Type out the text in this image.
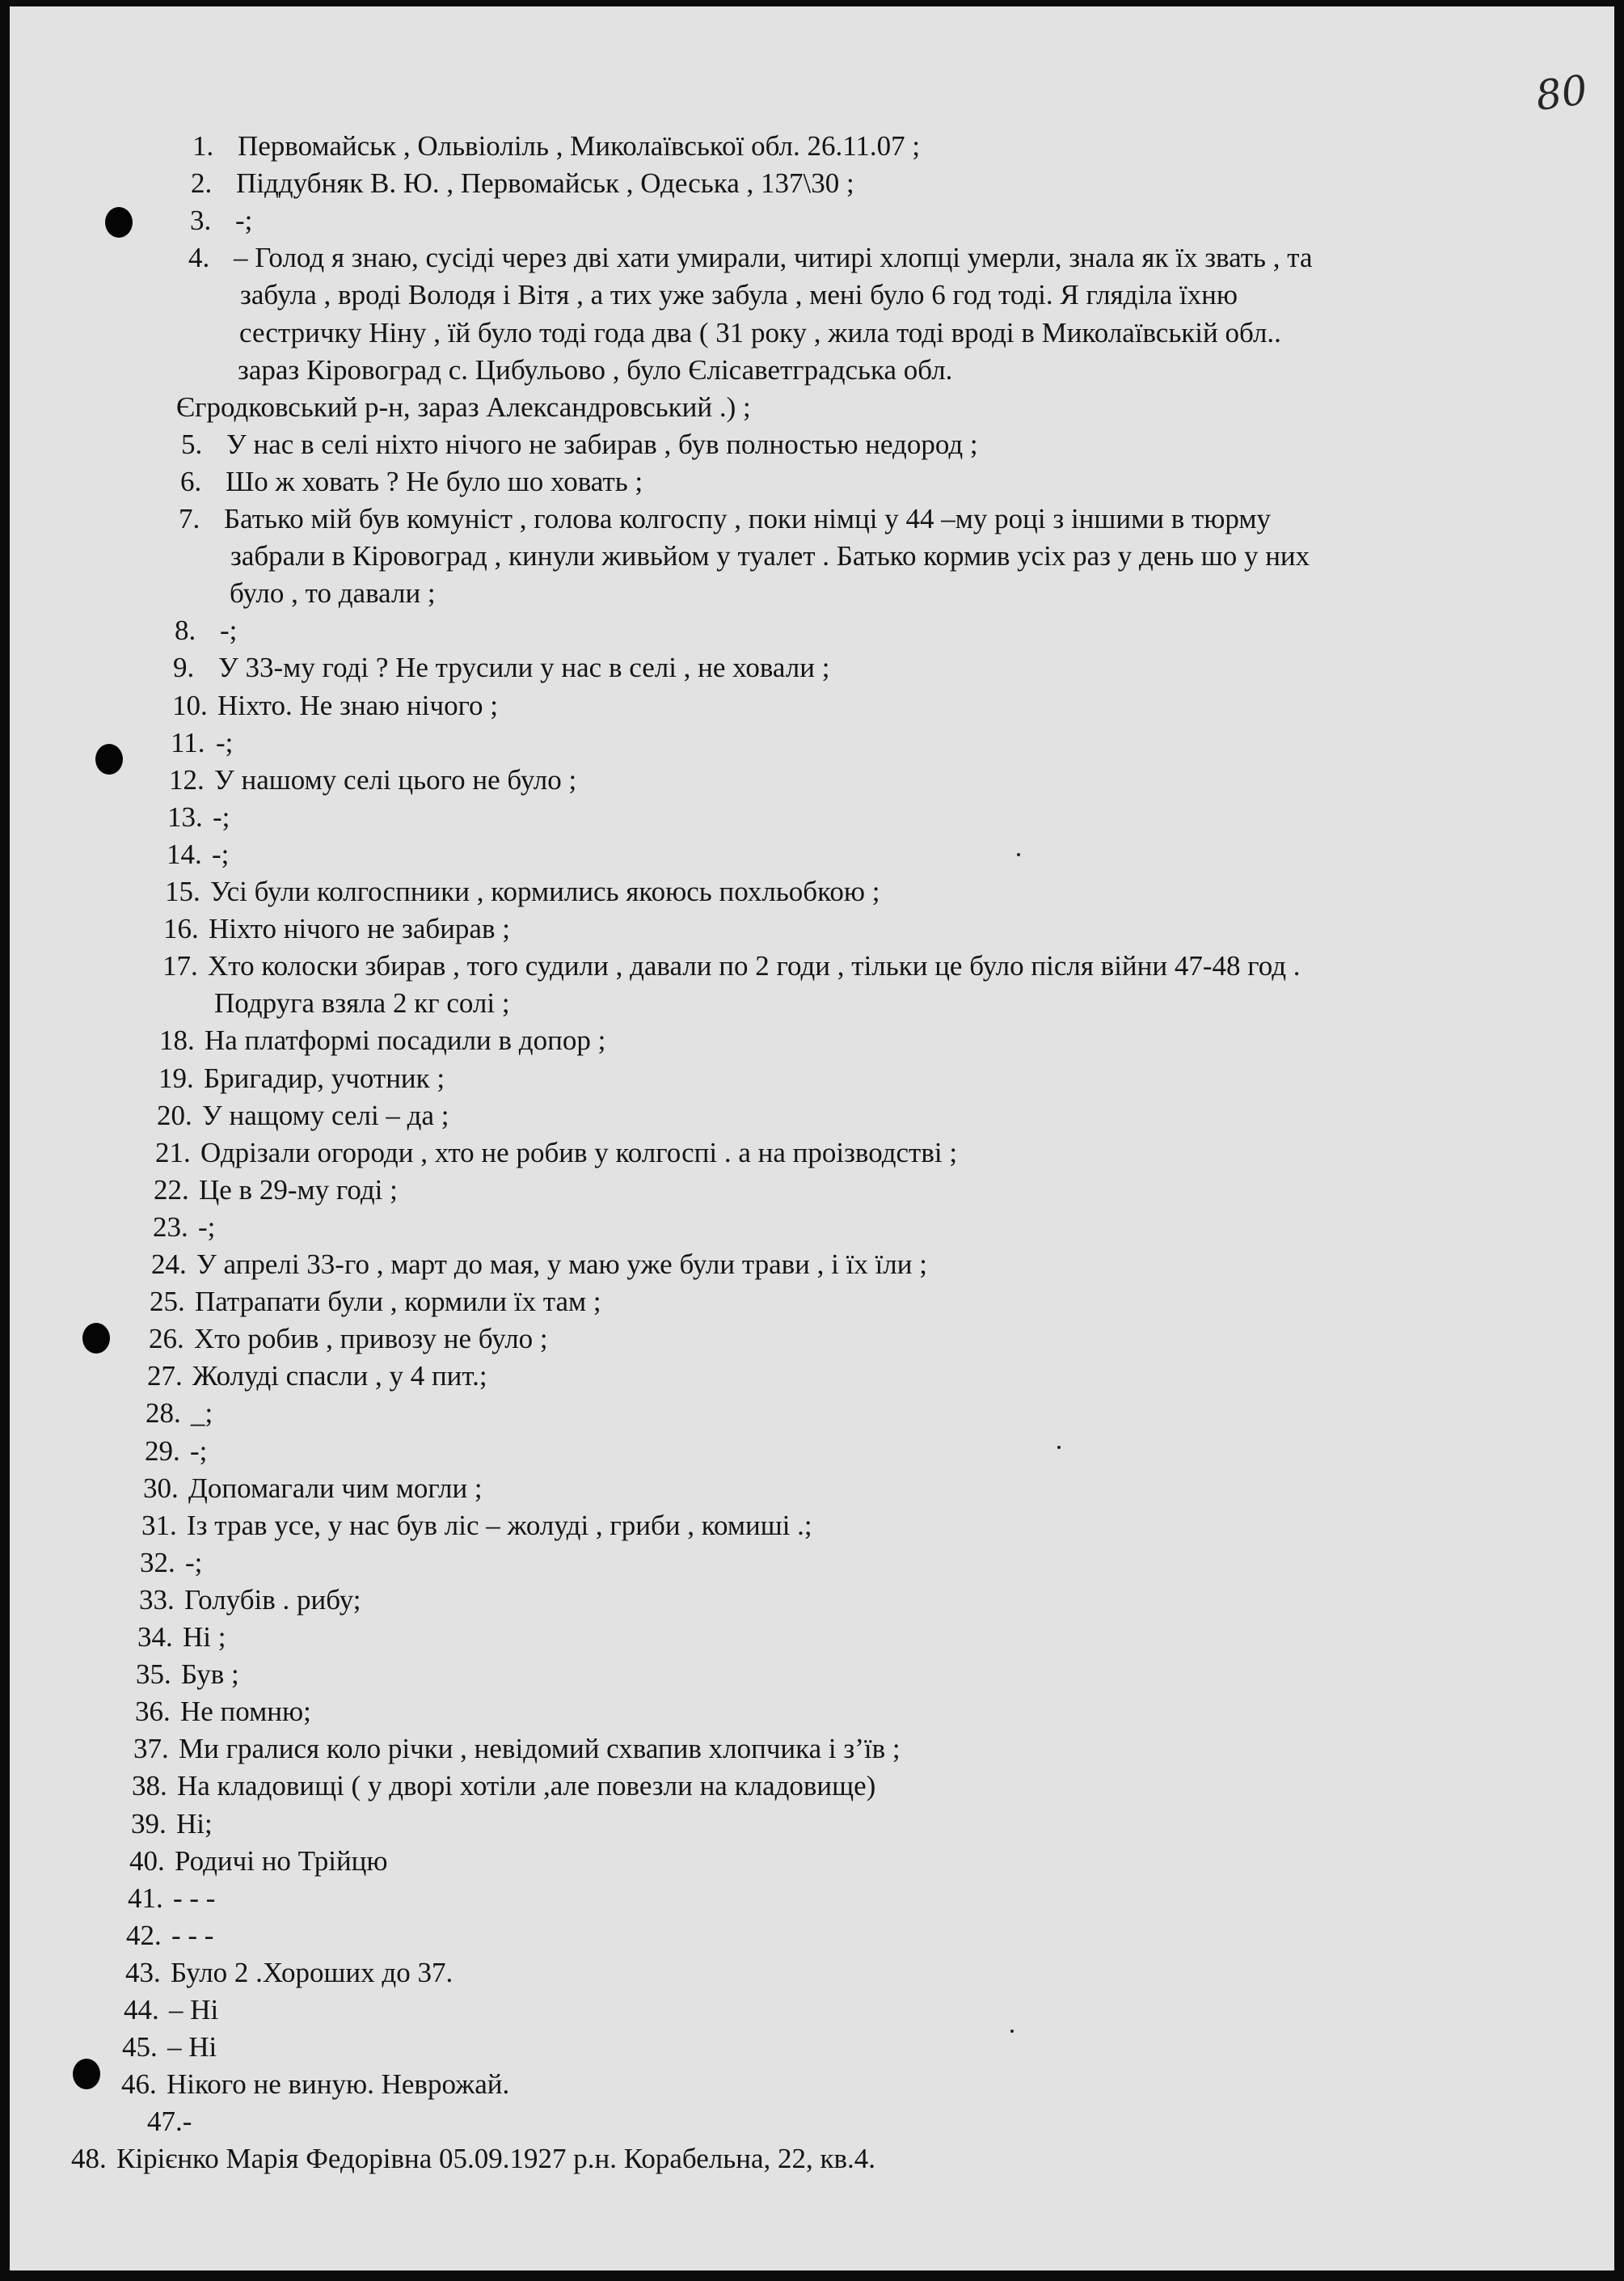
80
1. Первомайськ , Ольвіоліль , Миколаївської обл. 26.11.07 ;
2. Піддубняк В. Ю. , Первомайськ , Одеська , 137\30 ;
3. -;
4. – Голод я знаю, сусіді через дві хати умирали, читирі хлопці умерли, знала як їх звать , та
забула , вроді Володя і Вітя , а тих уже забула , мені було 6 год тоді. Я гляділа їхню
сестричку Ніну , їй було тоді года два ( 31 року , жила тоді вроді в Миколаївській обл..
зараз Кіровоград с. Цибульово , було Єлісаветградська обл.
Єгродковський р-н, зараз Александровський .) ;
5. У нас в селі ніхто нічого не забирав , був полностью недород ;
6. Шо ж ховать ? Не було шо ховать ;
7. Батько мій був комуніст , голова колгоспу , поки німці у 44 –му році з іншими в тюрму
забрали в Кіровоград , кинули живьйом у туалет . Батько кормив усіх раз у день шо у них
було , то давали ;
8. -;
9. У 33-му годі ? Не трусили у нас в селі , не ховали ;
10. Ніхто. Не знаю нічого ;
11. -;
12. У нашому селі цього не було ;
13. -;
14. -;
15. Усі були колгоспники , кормились якоюсь похльобкою ;
16. Ніхто нічого не забирав ;
17. Хто колоски збирав , того судили , давали по 2 годи , тільки це було після війни 47-48 год .
Подруга взяла 2 кг солі ;
18. На платформі посадили в допор ;
19. Бригадир, учотник ;
20. У нащому селі – да ;
21. Одрізали огороди , хто не робив у колгоспі . а на проізводстві ;
22. Це в 29-му годі ;
23. -;
24. У апрелі 33-го , март до мая, у маю уже були трави , і їх їли ;
25. Патрапати були , кормили їх там ;
26. Хто робив , привозу не було ;
27. Жолуді спасли , у 4 пит.;
28. _;
29. -;
30. Допомагали чим могли ;
31. Із трав усе, у нас був ліс – жолуді , гриби , комиші .;
32. -;
33. Голубів . рибу;
34. Ні ;
35. Був ;
36. Не помню;
37. Ми гралися коло річки , невідомий схвапив хлопчика і з’їв ;
38. На кладовищі ( у дворі хотіли ,але повезли на кладовище)
39. Ні;
40. Родичі но Трійцю
41. - - -
42. - - -
43. Було 2 .Хороших до 37.
44. – Ні
45. – Ні
46. Нікого не виную. Неврожай.
47.-
48. Кірієнко Марія Федорівна 05.09.1927 р.н. Корабельна, 22, кв.4.
